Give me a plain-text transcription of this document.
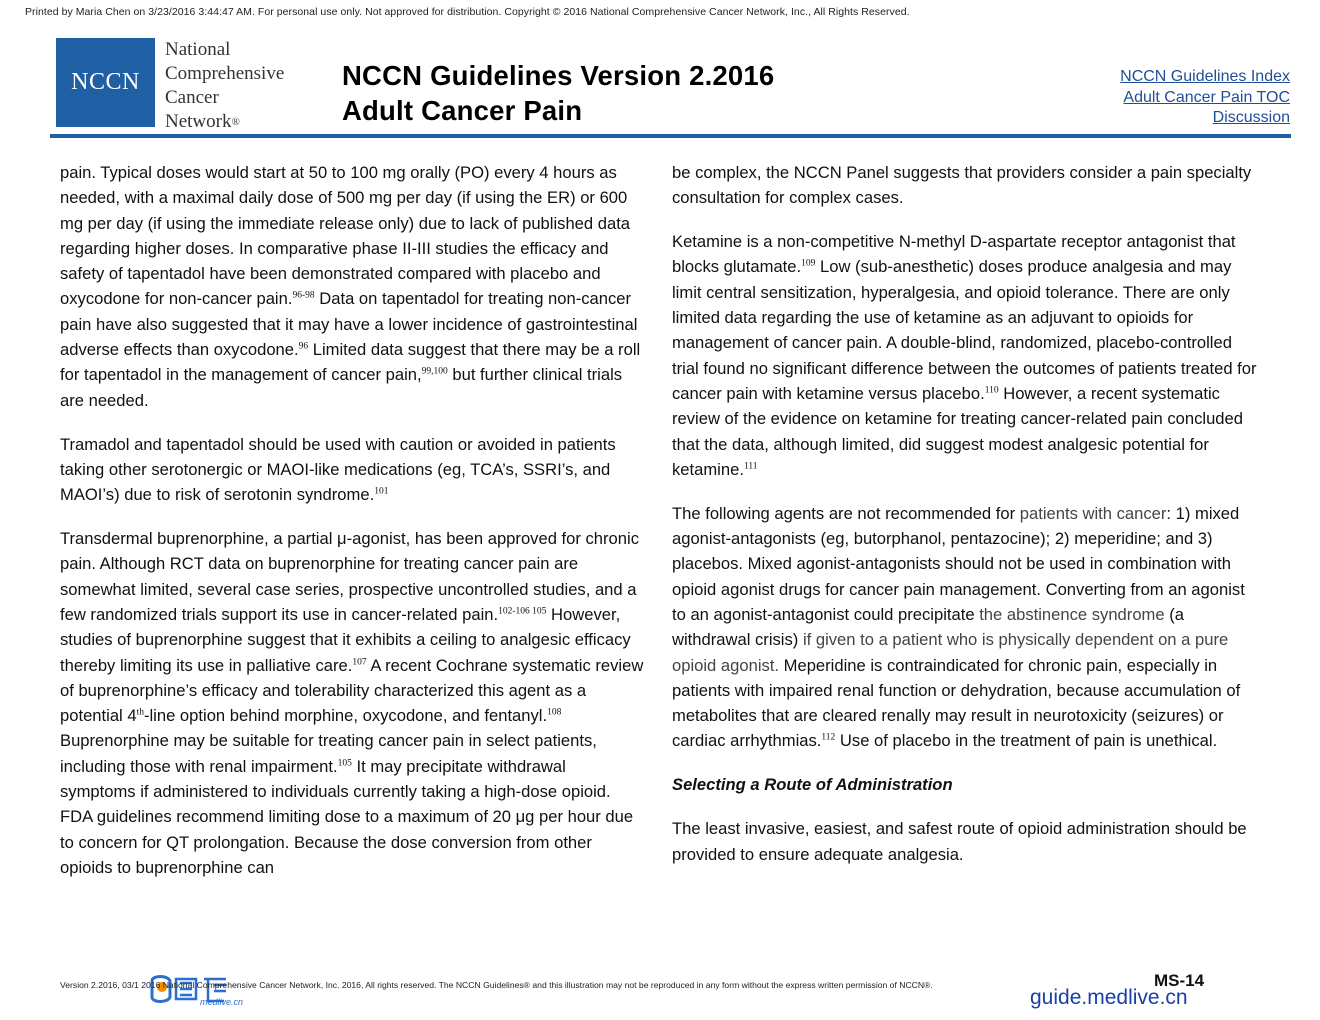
Printed by Maria Chen on 3/23/2016 3:44:47 AM. For personal use only. Not approved for distribution. Copyright © 2016 National Comprehensive Cancer Network, Inc., All Rights Reserved.
NCCN
National
Comprehensive
Cancer
Network®
NCCN Guidelines Version 2.2016
Adult Cancer Pain
NCCN Guidelines Index
Adult Cancer Pain TOC
Discussion

pain. Typical doses would start at 50 to 100 mg orally (PO) every 4 hours as needed, with a maximal daily dose of 500 mg per day (if using the ER) or 600 mg per day (if using the immediate release only) due to lack of published data regarding higher doses. In comparative phase II-III studies the efficacy and safety of tapentadol have been demonstrated compared with placebo and oxycodone for non-cancer pain.$^{96-98}$ Data on tapentadol for treating non-cancer pain have also suggested that it may have a lower incidence of gastrointestinal adverse effects than oxycodone.$^{96}$ Limited data suggest that there may be a roll for tapentadol in the management of cancer pain,$^{99,100}$ but further clinical trials are needed.

Tramadol and tapentadol should be used with caution or avoided in patients taking other serotonergic or MAOI-like medications (eg, TCA’s, SSRI’s, and MAOI’s) due to risk of serotonin syndrome.$^{101}$

Transdermal buprenorphine, a partial μ-agonist, has been approved for chronic pain. Although RCT data on buprenorphine for treating cancer pain are somewhat limited, several case series, prospective uncontrolled studies, and a few randomized trials support its use in cancer-related pain.$^{102-106 105}$ However, studies of buprenorphine suggest that it exhibits a ceiling to analgesic efficacy thereby limiting its use in palliative care.$^{107}$ A recent Cochrane systematic review of buprenorphine’s efficacy and tolerability characterized this agent as a potential 4th-line option behind morphine, oxycodone, and fentanyl.$^{108}$ Buprenorphine may be suitable for treating cancer pain in select patients, including those with renal impairment.$^{105}$ It may precipitate withdrawal symptoms if administered to individuals currently taking a high-dose opioid. FDA guidelines recommend limiting dose to a maximum of 20 μg per hour due to concern for QT prolongation. Because the dose conversion from other opioids to buprenorphine can

be complex, the NCCN Panel suggests that providers consider a pain specialty consultation for complex cases.

Ketamine is a non-competitive N-methyl D-aspartate receptor antagonist that blocks glutamate.$^{109}$ Low (sub-anesthetic) doses produce analgesia and may limit central sensitization, hyperalgesia, and opioid tolerance. There are only limited data regarding the use of ketamine as an adjuvant to opioids for management of cancer pain. A double-blind, randomized, placebo-controlled trial found no significant difference between the outcomes of patients treated for cancer pain with ketamine versus placebo.$^{110}$ However, a recent systematic review of the evidence on ketamine for treating cancer-related pain concluded that the data, although limited, did suggest modest analgesic potential for ketamine.$^{111}$

The following agents are not recommended for patients with cancer: 1) mixed agonist-antagonists (eg, butorphanol, pentazocine); 2) meperidine; and 3) placebos. Mixed agonist-antagonists should not be used in combination with opioid agonist drugs for cancer pain management. Converting from an agonist to an agonist-antagonist could precipitate the abstinence syndrome (a withdrawal crisis) if given to a patient who is physically dependent on a pure opioid agonist. Meperidine is contraindicated for chronic pain, especially in patients with impaired renal function or dehydration, because accumulation of metabolites that are cleared renally may result in neurotoxicity (seizures) or cardiac arrhythmias.$^{112}$ Use of placebo in the treatment of pain is unethical.

Selecting a Route of Administration

The least invasive, easiest, and safest route of opioid administration should be provided to ensure adequate analgesia.

medlive.cn
Version 2.2016, 03/1 2016 National Comprehensive Cancer Network, Inc. 2016, All rights reserved. The NCCN Guidelines® and this illustration may not be reproduced in any form without the express written permission of NCCN®.	MS-14
guide.medlive.cn
